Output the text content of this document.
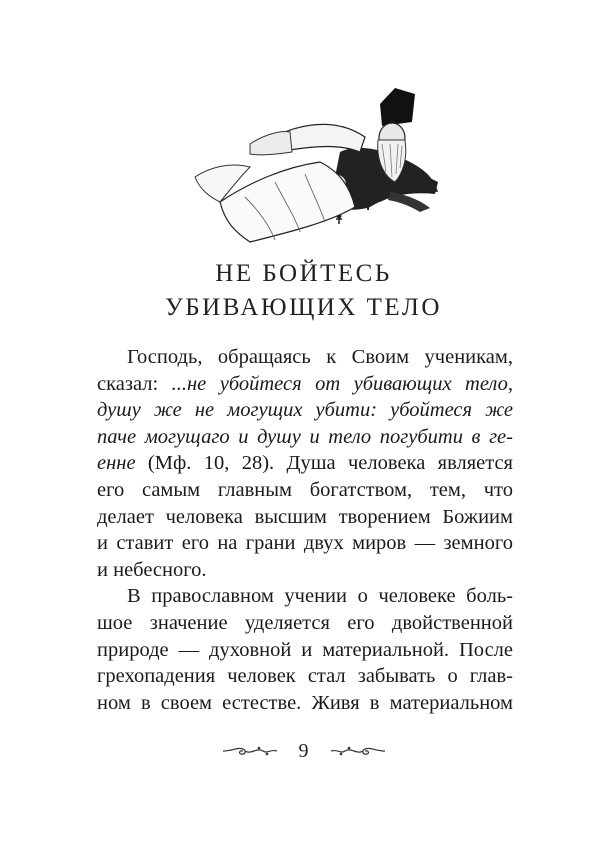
НЕ БОЙТЕСЬ
УБИВАЮЩИХ ТЕЛО
Господь, обращаясь к Своим ученикам,
сказал: ...не убойтеся от убивающих тело,
душу же не могущих убити: убойтеся же
паче могущаго и душу и тело погубити в ге-
енне (Мф. 10, 28). Душа человека является
его самым главным богатством, тем, что
делает человека высшим творением Божиим
и ставит его на грани двух миров — земного
и небесного.
В православном учении о человеке боль-
шое значение уделяется его двойственной
природе — духовной и материальной. После
грехопадения человек стал забывать о глав-
ном в своем естестве. Живя в материальном
9
